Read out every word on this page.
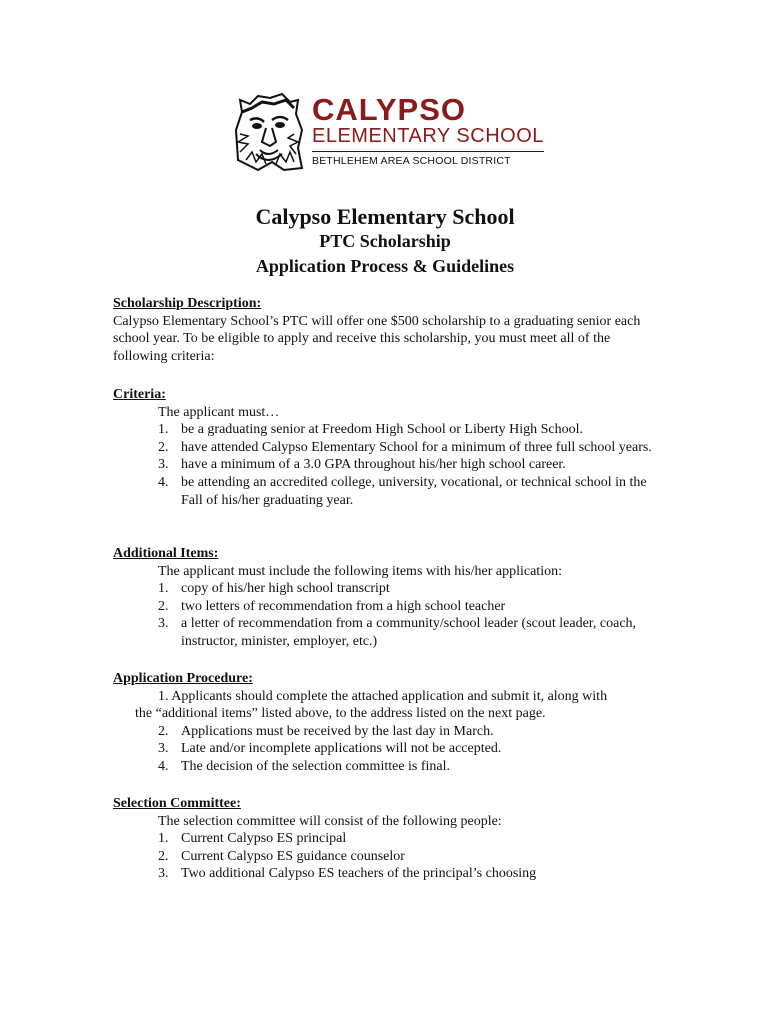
CALYPSO
ELEMENTARY SCHOOL
BETHLEHEM AREA SCHOOL DISTRICT
Calypso Elementary School
PTC Scholarship
Application Process & Guidelines
Scholarship Description:

Calypso Elementary School’s PTC will offer one $500 scholarship to a graduating senior each school year. To be eligible to apply and receive this scholarship, you must meet all of the following criteria:

Criteria:
The applicant must…
1. be a graduating senior at Freedom High School or Liberty High School.
2. have attended Calypso Elementary School for a minimum of three full school years.
3. have a minimum of a 3.0 GPA throughout his/her high school career.
4. be attending an accredited college, university, vocational, or technical school in the Fall of his/her graduating year.
Additional Items:
The applicant must include the following items with his/her application:
1. copy of his/her high school transcript
2. two letters of recommendation from a high school teacher
3. a letter of recommendation from a community/school leader (scout leader, coach, instructor, minister, employer, etc.)
Application Procedure:
1. Applicants should complete the attached application and submit it, along with
the “additional items” listed above, to the address listed on the next page.
2. Applications must be received by the last day in March.
3. Late and/or incomplete applications will not be accepted.
4. The decision of the selection committee is final.
Selection Committee:
The selection committee will consist of the following people:
1. Current Calypso ES principal
2. Current Calypso ES guidance counselor
3. Two additional Calypso ES teachers of the principal’s choosing
